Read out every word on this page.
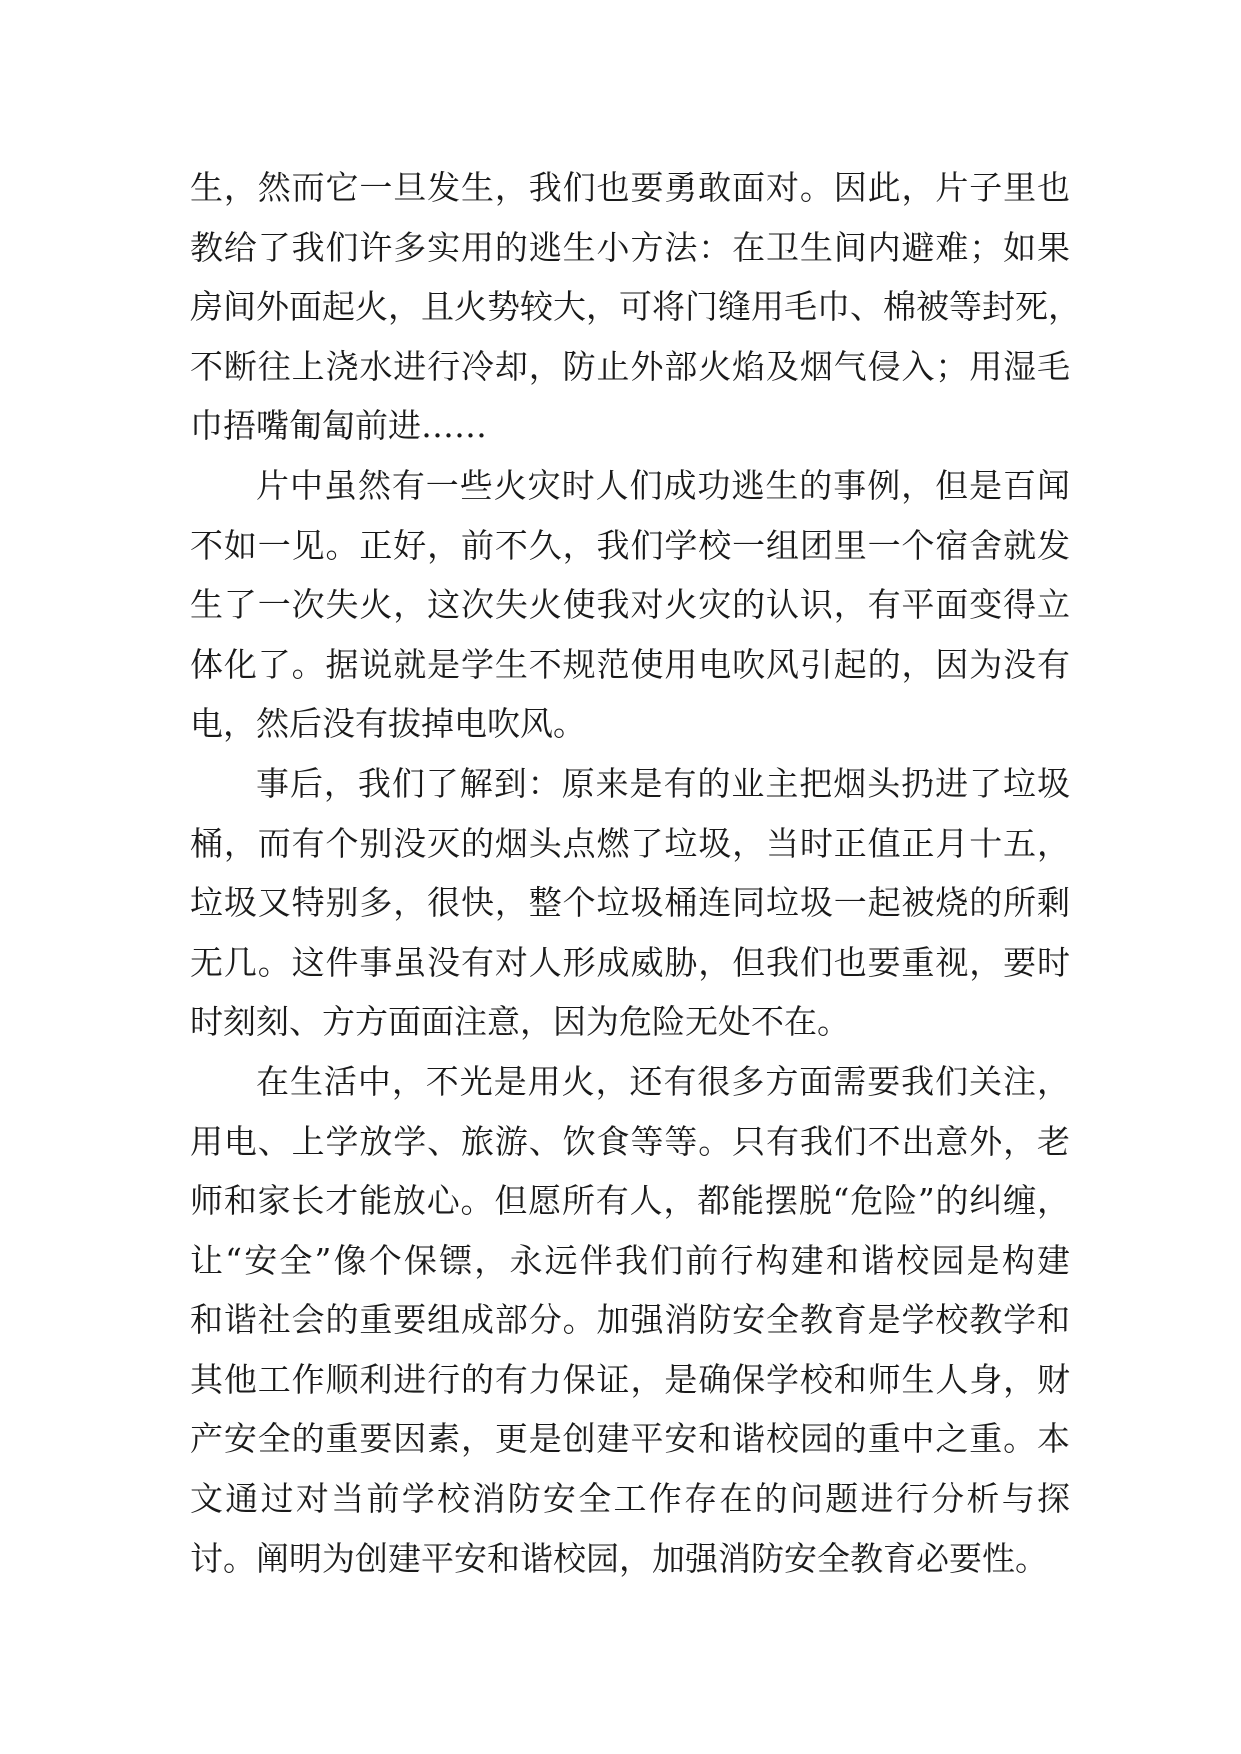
生，然而它一旦发生，我们也要勇敢面对。因此，片子里也
教给了我们许多实用的逃生小方法：在卫生间内避难；如果
房间外面起火，且火势较大，可将门缝用毛巾、棉被等封死，
不断往上浇水进行冷却，防止外部火焰及烟气侵入；用湿毛
巾捂嘴匍匐前进……
片中虽然有一些火灾时人们成功逃生的事例，但是百闻
不如一见。正好，前不久，我们学校一组团里一个宿舍就发
生了一次失火，这次失火使我对火灾的认识，有平面变得立
体化了。据说就是学生不规范使用电吹风引起的，因为没有
电，然后没有拔掉电吹风。
事后，我们了解到：原来是有的业主把烟头扔进了垃圾
桶，而有个别没灭的烟头点燃了垃圾，当时正值正月十五，
垃圾又特别多，很快，整个垃圾桶连同垃圾一起被烧的所剩
无几。这件事虽没有对人形成威胁，但我们也要重视，要时
时刻刻、方方面面注意，因为危险无处不在。
在生活中，不光是用火，还有很多方面需要我们关注，
用电、上学放学、旅游、饮食等等。只有我们不出意外，老
师和家长才能放心。但愿所有人，都能摆脱“危险”的纠缠，
让“安全”像个保镖，永远伴我们前行构建和谐校园是构建
和谐社会的重要组成部分。加强消防安全教育是学校教学和
其他工作顺利进行的有力保证，是确保学校和师生人身，财
产安全的重要因素，更是创建平安和谐校园的重中之重。本
文通过对当前学校消防安全工作存在的问题进行分析与探
讨。阐明为创建平安和谐校园，加强消防安全教育必要性。
